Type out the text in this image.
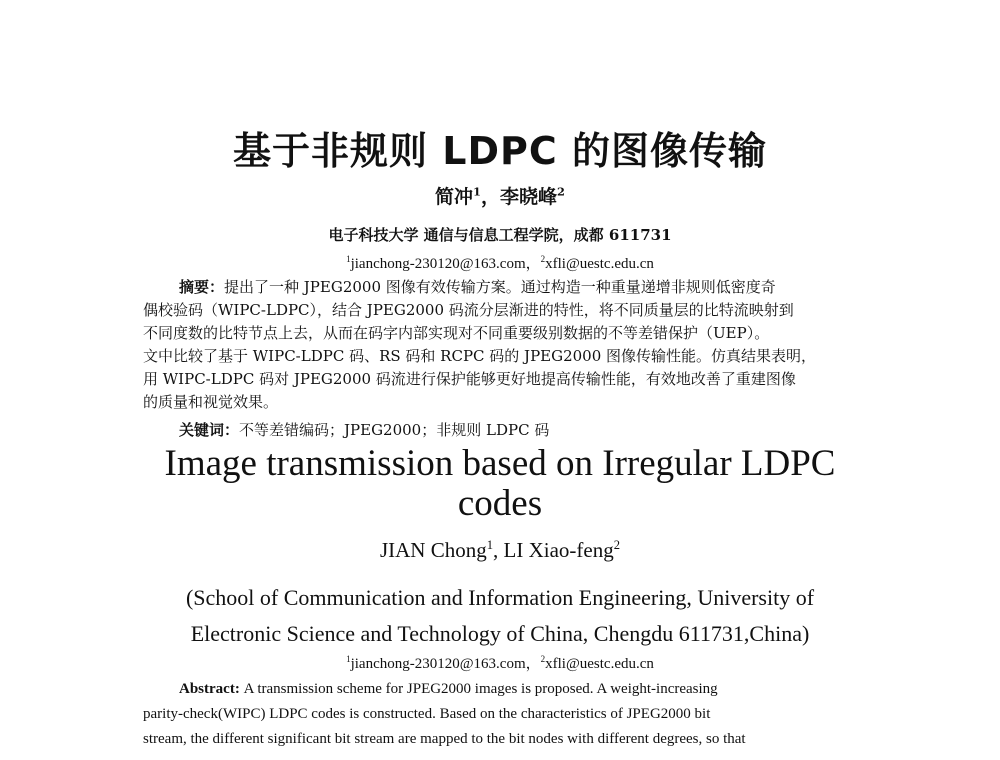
基于非规则 LDPC 的图像传输
简冲$^1$，李晓峰$^2$
电子科技大学 通信与信息工程学院，成都 611731
$^1$jianchong-230120@163.com，$^2$xfli@uestc.edu.cn
摘要：提出了一种 JPEG2000 图像有效传输方案。通过构造一种重量递增非规则低密度奇
偶校验码（WIPC-LDPC），结合 JPEG2000 码流分层渐进的特性，将不同质量层的比特流映射到
不同度数的比特节点上去，从而在码字内部实现对不同重要级别数据的不等差错保护（UEP）。
文中比较了基于 WIPC-LDPC 码、RS 码和 RCPC 码的 JPEG2000 图像传输性能。仿真结果表明，
用 WIPC-LDPC 码对 JPEG2000 码流进行保护能够更好地提高传输性能，有效地改善了重建图像
的质量和视觉效果。
关键词：不等差错编码；JPEG2000；非规则 LDPC 码
Image transmission based on Irregular LDPC codes
JIAN Chong$^1$, LI Xiao-feng$^2$
(School of Communication and Information Engineering, University of
Electronic Science and Technology of China, Chengdu 611731,China)
$^1$jianchong-230120@163.com，$^2$xfli@uestc.edu.cn
Abstract: A transmission scheme for JPEG2000 images is proposed. A weight-increasing
parity-check(WIPC) LDPC codes is constructed. Based on the characteristics of JPEG2000 bit
stream, the different significant bit stream are mapped to the bit nodes with different degrees, so that
